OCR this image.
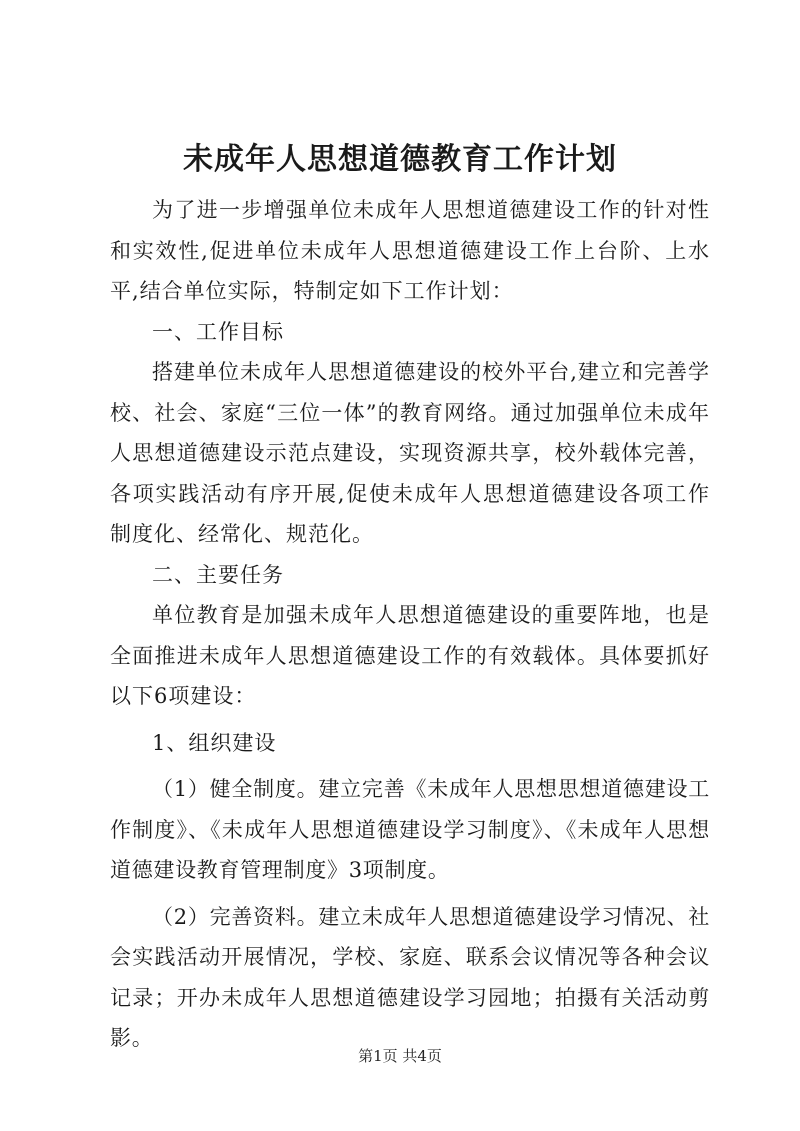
未成年人思想道德教育工作计划

为了进一步增强单位未成年人思想道德建设工作的针对性和实效性,促进单位未成年人思想道德建设工作上台阶、上水平,结合单位实际，特制定如下工作计划：

一、工作目标

搭建单位未成年人思想道德建设的校外平台,建立和完善学校、社会、家庭“三位一体”的教育网络。通过加强单位未成年人思想道德建设示范点建设，实现资源共享，校外载体完善，各项实践活动有序开展,促使未成年人思想道德建设各项工作制度化、经常化、规范化。

二、主要任务

单位教育是加强未成年人思想道德建设的重要阵地，也是全面推进未成年人思想道德建设工作的有效载体。具体要抓好以下6项建设：

1、组织建设

（1）健全制度。建立完善《未成年人思想思想道德建设工作制度》、《未成年人思想道德建设学习制度》、《未成年人思想道德建设教育管理制度》3项制度。

（2）完善资料。建立未成年人思想道德建设学习情况、社会实践活动开展情况，学校、家庭、联系会议情况等各种会议记录；开办未成年人思想道德建设学习园地；拍摄有关活动剪影。

第1页 共4页
